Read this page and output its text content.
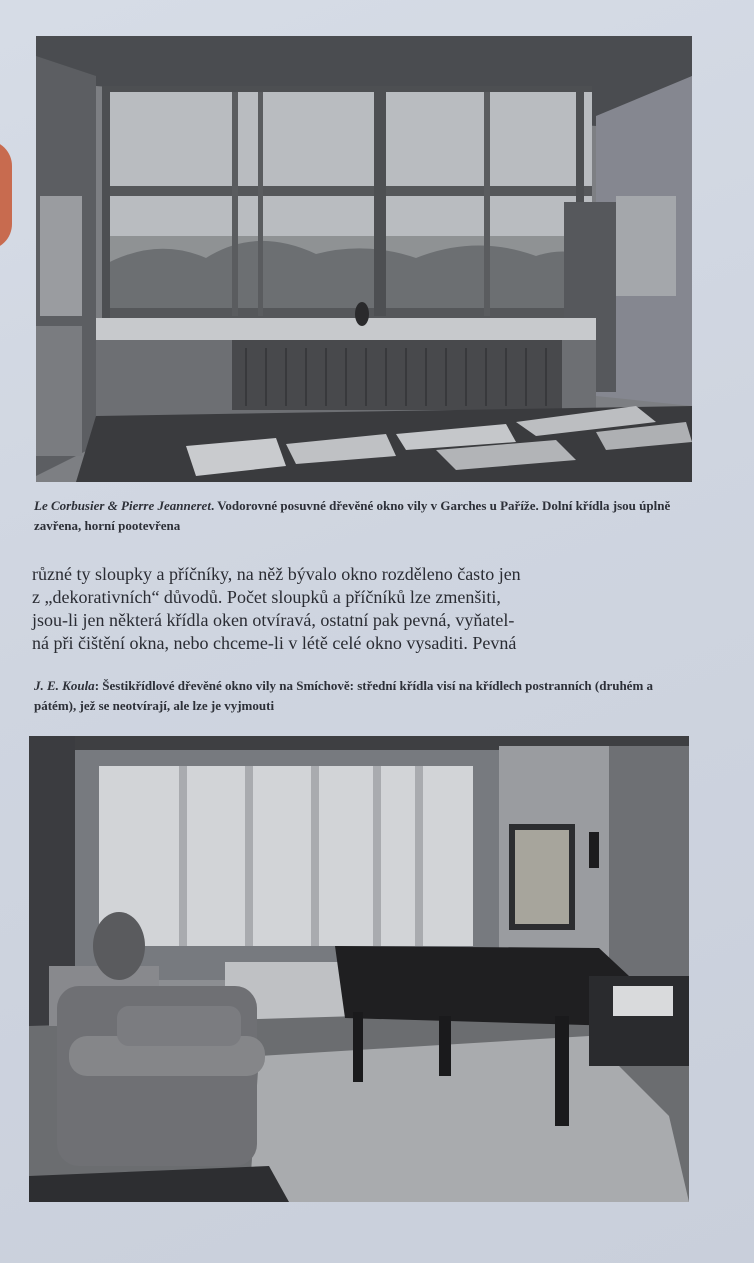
Le Corbusier & Pierre Jeanneret. Vodorovné posuvné dřevěné okno vily v Garches u Paříže. Dolní křídla jsou úplně zavřena, horní pootevřena
různé ty sloupky a příčníky, na něž bývalo okno rozděleno často jen
z „dekorativních“ důvodů. Počet sloupků a příčníků lze zmenšiti,
jsou-li jen některá křídla oken otvíravá, ostatní pak pevná, vyňatel-
ná při čištění okna, nebo chceme-li v létě celé okno vysaditi. Pevná
J. E. Koula: Šestikřídlové dřevěné okno vily na Smíchově: střední křídla visí na křídlech postranních (druhém a pátém), jež se neotvírají, ale lze je vyjmouti
